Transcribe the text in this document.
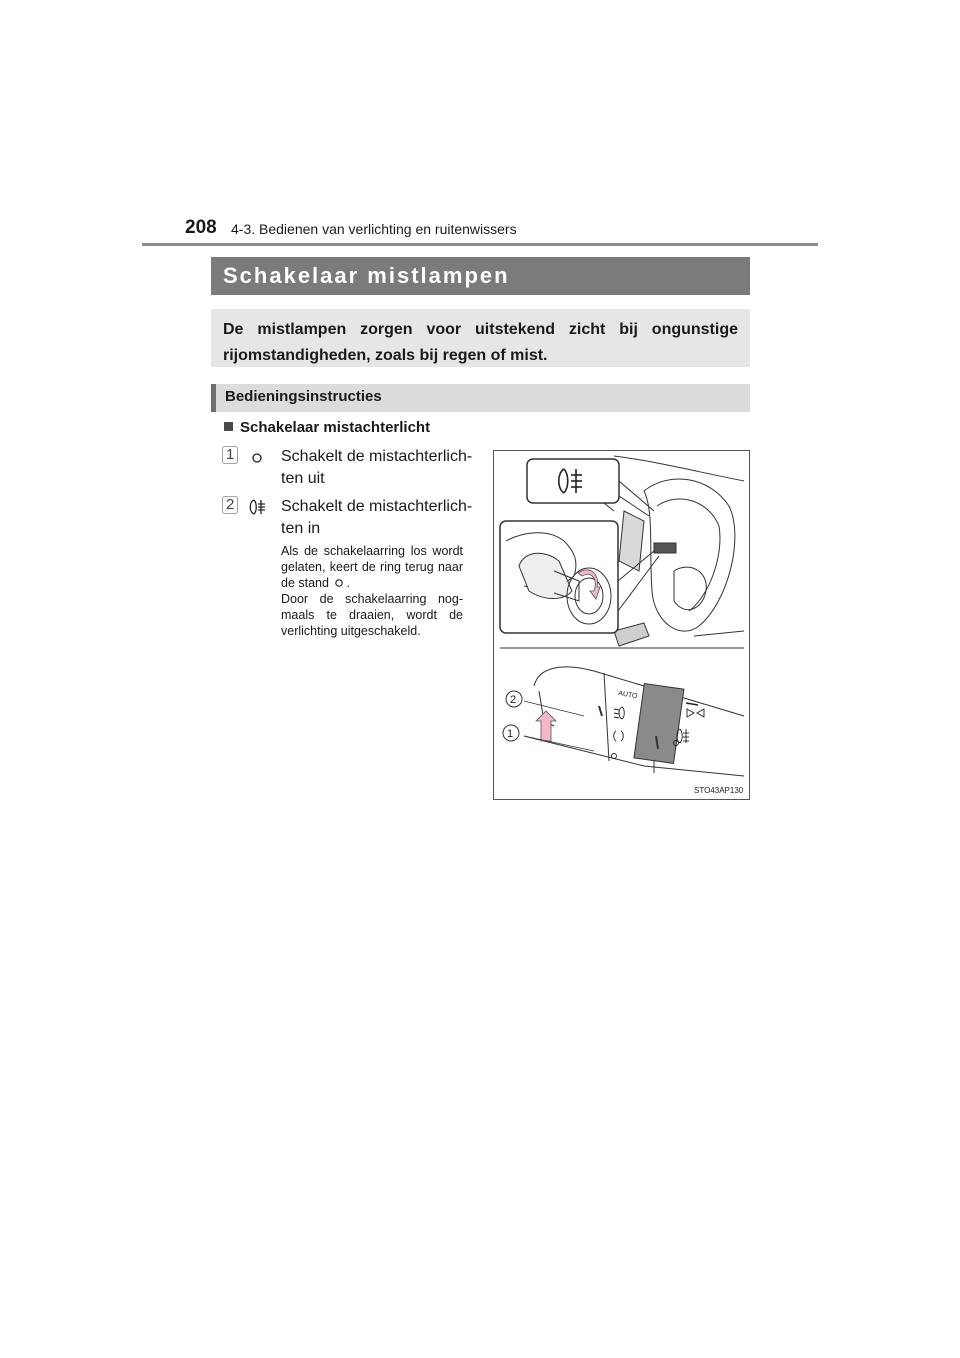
208 4-3. Bedienen van verlichting en ruitenwissers
Schakelaar mistlampen
De mistlampen zorgen voor uitstekend zicht bij ongunstige rijomstandigheden, zoals bij regen of mist.
Bedieningsinstructies
Schakelaar mistachterlicht
1	Schakelt de mistachterlich-
ten uit
2	Schakelt de mistachterlich-
ten in

Als de schakelaarring los wordt gelaten, keert de ring terug naar de stand .

Door de schakelaarring nog-maals te draaien, wordt de verlichting uitgeschakeld.

AUTO
2
1
STO43AP130
